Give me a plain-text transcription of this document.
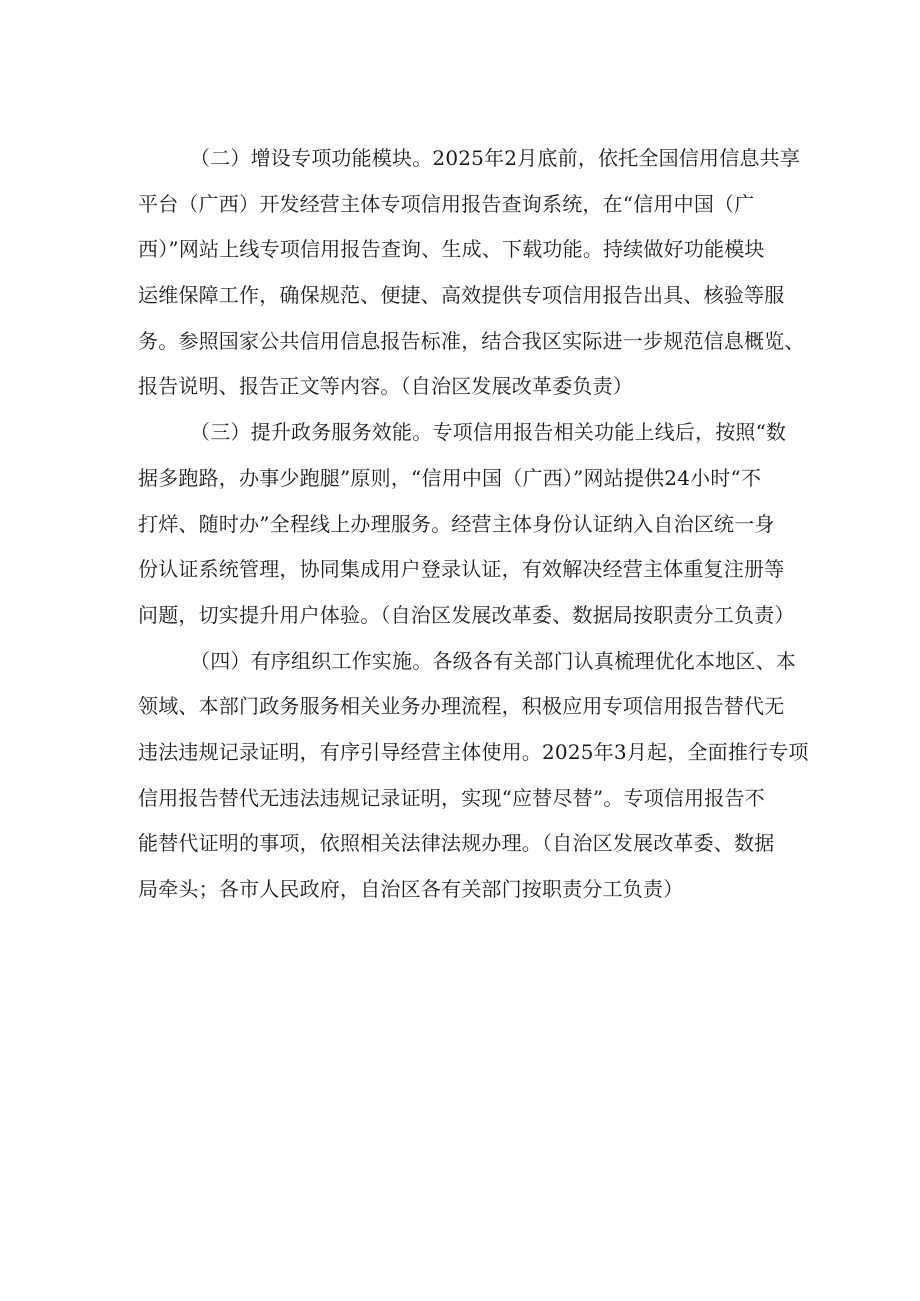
（二）增设专项功能模块。2025年2月底前，依托全国信用信息共享
平台（广西）开发经营主体专项信用报告查询系统，在“信用中国（广
西）”网站上线专项信用报告查询、生成、下载功能。持续做好功能模块
运维保障工作，确保规范、便捷、高效提供专项信用报告出具、核验等服
务。参照国家公共信用信息报告标准，结合我区实际进一步规范信息概览、
报告说明、报告正文等内容。（自治区发展改革委负责）
（三）提升政务服务效能。专项信用报告相关功能上线后，按照“数
据多跑路，办事少跑腿”原则，“信用中国（广西）”网站提供24小时“不
打烊、随时办”全程线上办理服务。经营主体身份认证纳入自治区统一身
份认证系统管理，协同集成用户登录认证，有效解决经营主体重复注册等
问题，切实提升用户体验。（自治区发展改革委、数据局按职责分工负责）
（四）有序组织工作实施。各级各有关部门认真梳理优化本地区、本
领域、本部门政务服务相关业务办理流程，积极应用专项信用报告替代无
违法违规记录证明，有序引导经营主体使用。2025年3月起，全面推行专项
信用报告替代无违法违规记录证明，实现“应替尽替”。专项信用报告不
能替代证明的事项，依照相关法律法规办理。（自治区发展改革委、数据
局牵头；各市人民政府，自治区各有关部门按职责分工负责）
